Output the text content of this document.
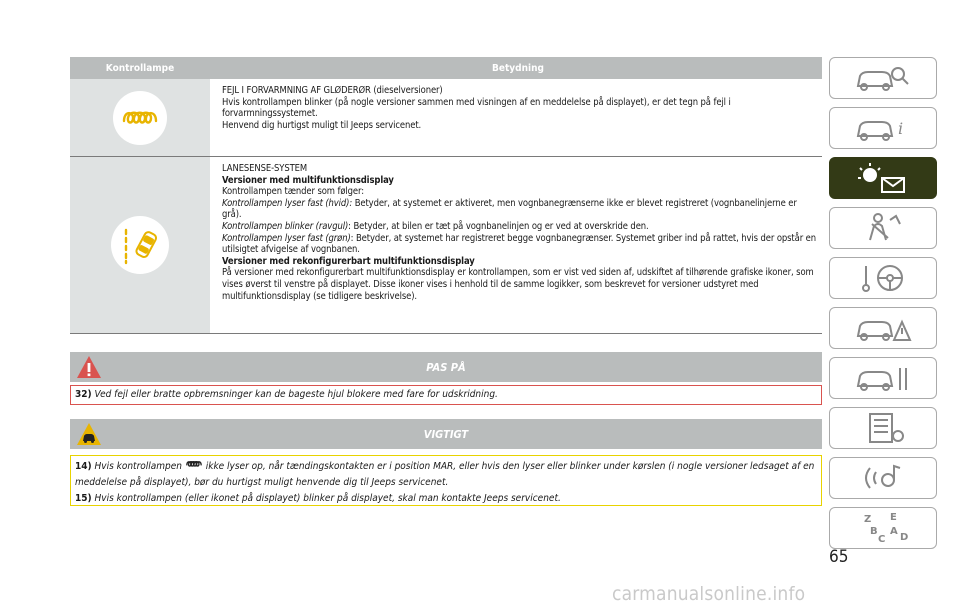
Kontrollampe	Betydning

FEJL I FORVARMNING AF GLØDERØR (dieselversioner)

Hvis kontrollampen blinker (på nogle versioner sammen med visningen af en meddelelse på displayet), er det tegn på fejl i forvarmningssystemet.

Henvend dig hurtigst muligt til Jeeps servicenet.

LANESENSE-SYSTEM

Versioner med multifunktionsdisplay

Kontrollampen tænder som følger:

Kontrollampen lyser fast (hvid): Betyder, at systemet er aktiveret, men vognbanegrænserne ikke er blevet registreret (vognbanelinjerne er grå).

Kontrollampen blinker (ravgul): Betyder, at bilen er tæt på vognbanelinjen og er ved at overskride den.

Kontrollampen lyser fast (grøn): Betyder, at systemet har registreret begge vognbanegrænser. Systemet griber ind på rattet, hvis der opstår en utilsigtet afvigelse af vognbanen.

Versioner med rekonfigurerbart multifunktionsdisplay

På versioner med rekonfigurerbart multifunktionsdisplay er kontrollampen, som er vist ved siden af, udskiftet af tilhørende grafiske ikoner, som vises øverst til venstre på displayet. Disse ikoner vises i henhold til de samme logikker, som beskrevet for versioner udstyret med multifunktionsdisplay (se tidligere beskrivelse).

PAS PÅ

32) Ved fejl eller bratte opbremsninger kan de bageste hjul blokere med fare for udskridning.

VIGTIGT

14) Hvis kontrollampen ikke lyser op, når tændingskontakten er i position MAR, eller hvis den lyser eller blinker under kørslen (i nogle versioner ledsaget af en meddelelse på displayet), bør du hurtigst muligt henvende dig til Jeeps servicenet.

15) Hvis kontrollampen (eller ikonet på displayet) blinker på displayet, skal man kontakte Jeeps servicenet.

i
Z E
B A
C D
65
carmanualsonline.info
